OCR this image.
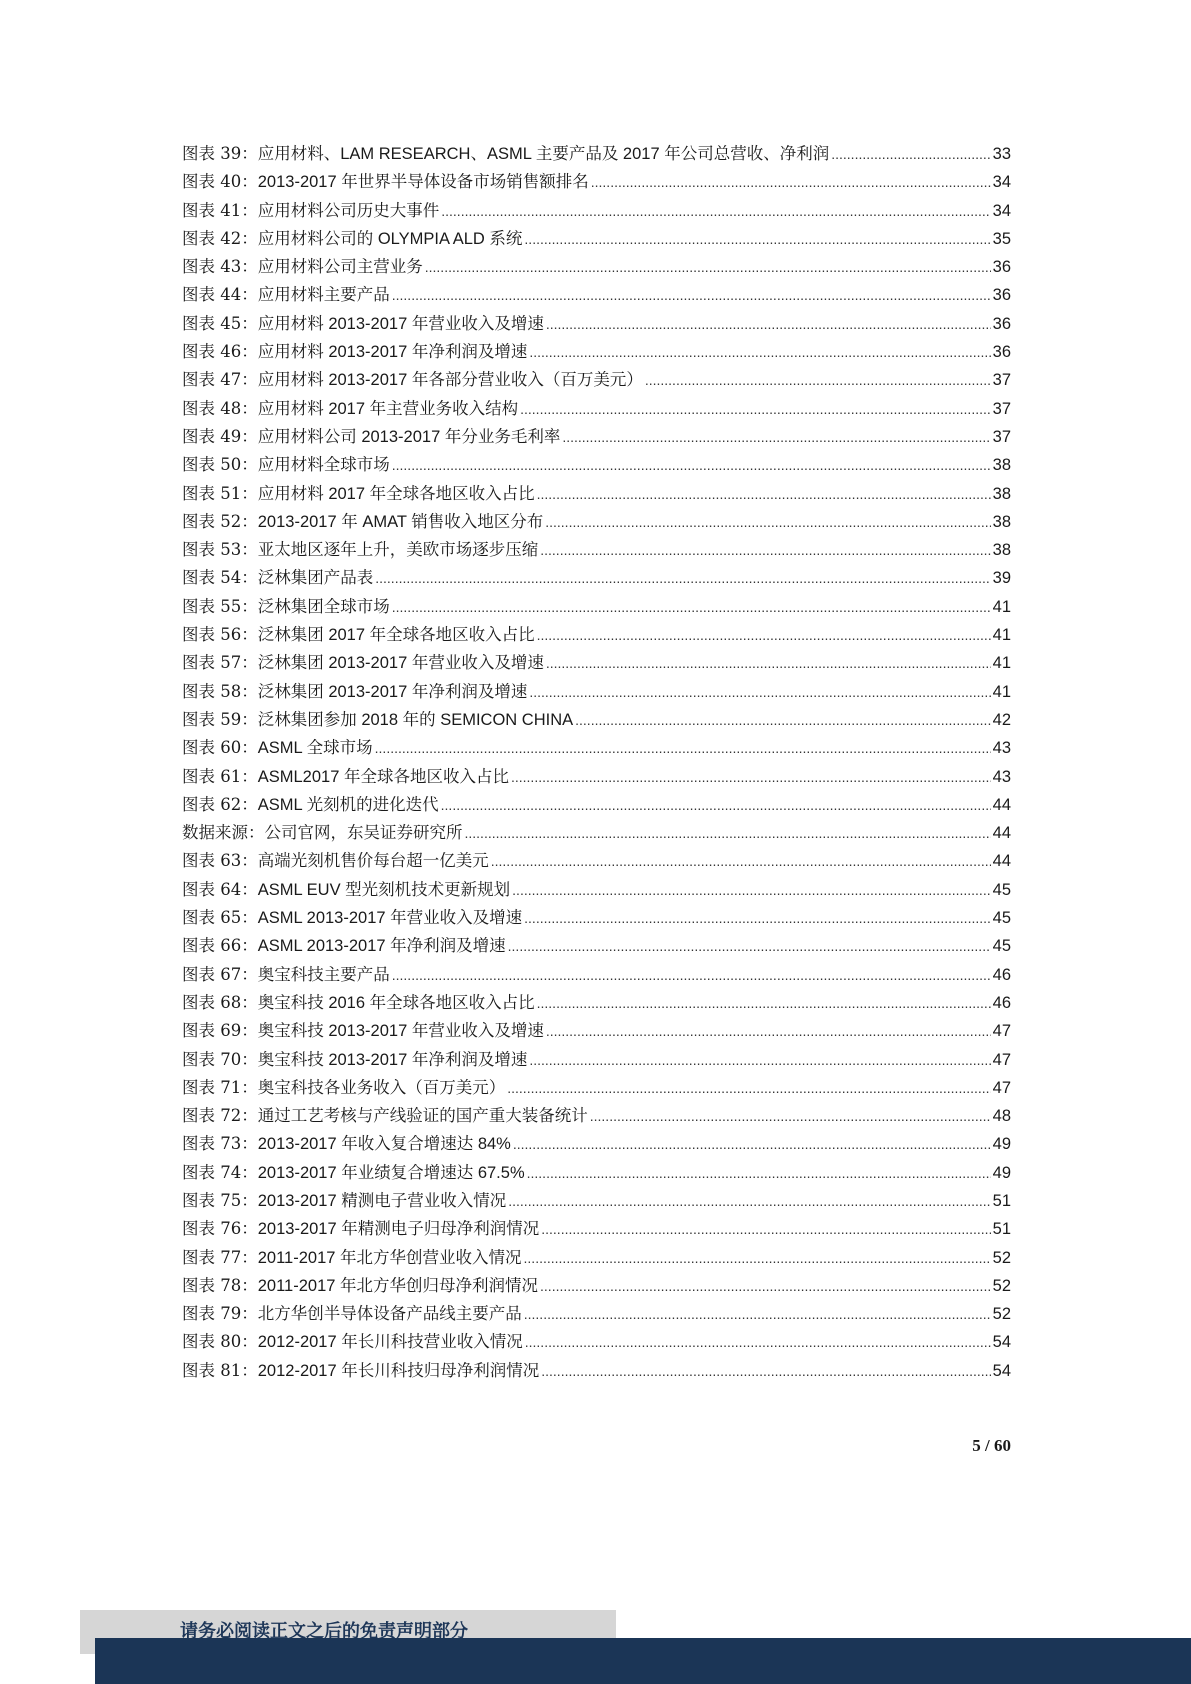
图表 39： 应用材料、LAM RESEARCH、ASML 主要产品及 2017 年公司总营收、净利润 .....	33
图表 40： 2013-2017 年世界半导体设备市场销售额排名 .....	34
图表 41： 应用材料公司历史大事件 .....	34
图表 42： 应用材料公司的 OLYMPIA ALD 系统 .....	35
图表 43： 应用材料公司主营业务 .....	36
图表 44： 应用材料主要产品 .....	36
图表 45： 应用材料 2013-2017 年营业收入及增速 .....	36
图表 46： 应用材料 2013-2017 年净利润及增速 .....	36
图表 47： 应用材料 2013-2017 年各部分营业收入（百万美元） .....	37
图表 48： 应用材料 2017 年主营业务收入结构 .....	37
图表 49： 应用材料公司 2013-2017 年分业务毛利率 .....	37
图表 50： 应用材料全球市场 .....	38
图表 51： 应用材料 2017 年全球各地区收入占比 .....	38
图表 52： 2013-2017 年 AMAT 销售收入地区分布 .....	38
图表 53： 亚太地区逐年上升，美欧市场逐步压缩 .....	38
图表 54： 泛林集团产品表 .....	39
图表 55： 泛林集团全球市场 .....	41
图表 56： 泛林集团 2017 年全球各地区收入占比 .....	41
图表 57： 泛林集团 2013-2017 年营业收入及增速 .....	41
图表 58： 泛林集团 2013-2017 年净利润及增速 .....	41
图表 59： 泛林集团参加 2018 年的 SEMICON CHINA .....	42
图表 60： ASML 全球市场 .....	43
图表 61： ASML2017 年全球各地区收入占比 .....	43
图表 62： ASML 光刻机的进化迭代 .....	44
数据来源： 公司官网，东吴证券研究所 .....	44
图表 63： 高端光刻机售价每台超一亿美元 .....	44
图表 64： ASML EUV 型光刻机技术更新规划 .....	45
图表 65： ASML 2013-2017 年营业收入及增速 .....	45
图表 66： ASML 2013-2017 年净利润及增速 .....	45
图表 67： 奥宝科技主要产品 .....	46
图表 68： 奥宝科技 2016 年全球各地区收入占比 .....	46
图表 69： 奥宝科技 2013-2017 年营业收入及增速 .....	47
图表 70： 奥宝科技 2013-2017 年净利润及增速 .....	47
图表 71： 奥宝科技各业务收入（百万美元） .....	47
图表 72： 通过工艺考核与产线验证的国产重大装备统计 .....	48
图表 73： 2013-2017 年收入复合增速达 84% .....	49
图表 74： 2013-2017 年业绩复合增速达 67.5% .....	49
图表 75： 2013-2017 精测电子营业收入情况 .....	51
图表 76： 2013-2017 年精测电子归母净利润情况 .....	51
图表 77： 2011-2017 年北方华创营业收入情况 .....	52
图表 78： 2011-2017 年北方华创归母净利润情况 .....	52
图表 79： 北方华创半导体设备产品线主要产品 .....	52
图表 80： 2012-2017 年长川科技营业收入情况 .....	54
图表 81： 2012-2017 年长川科技归母净利润情况 .....	54
5 / 60
请务必阅读正文之后的免责声明部分
